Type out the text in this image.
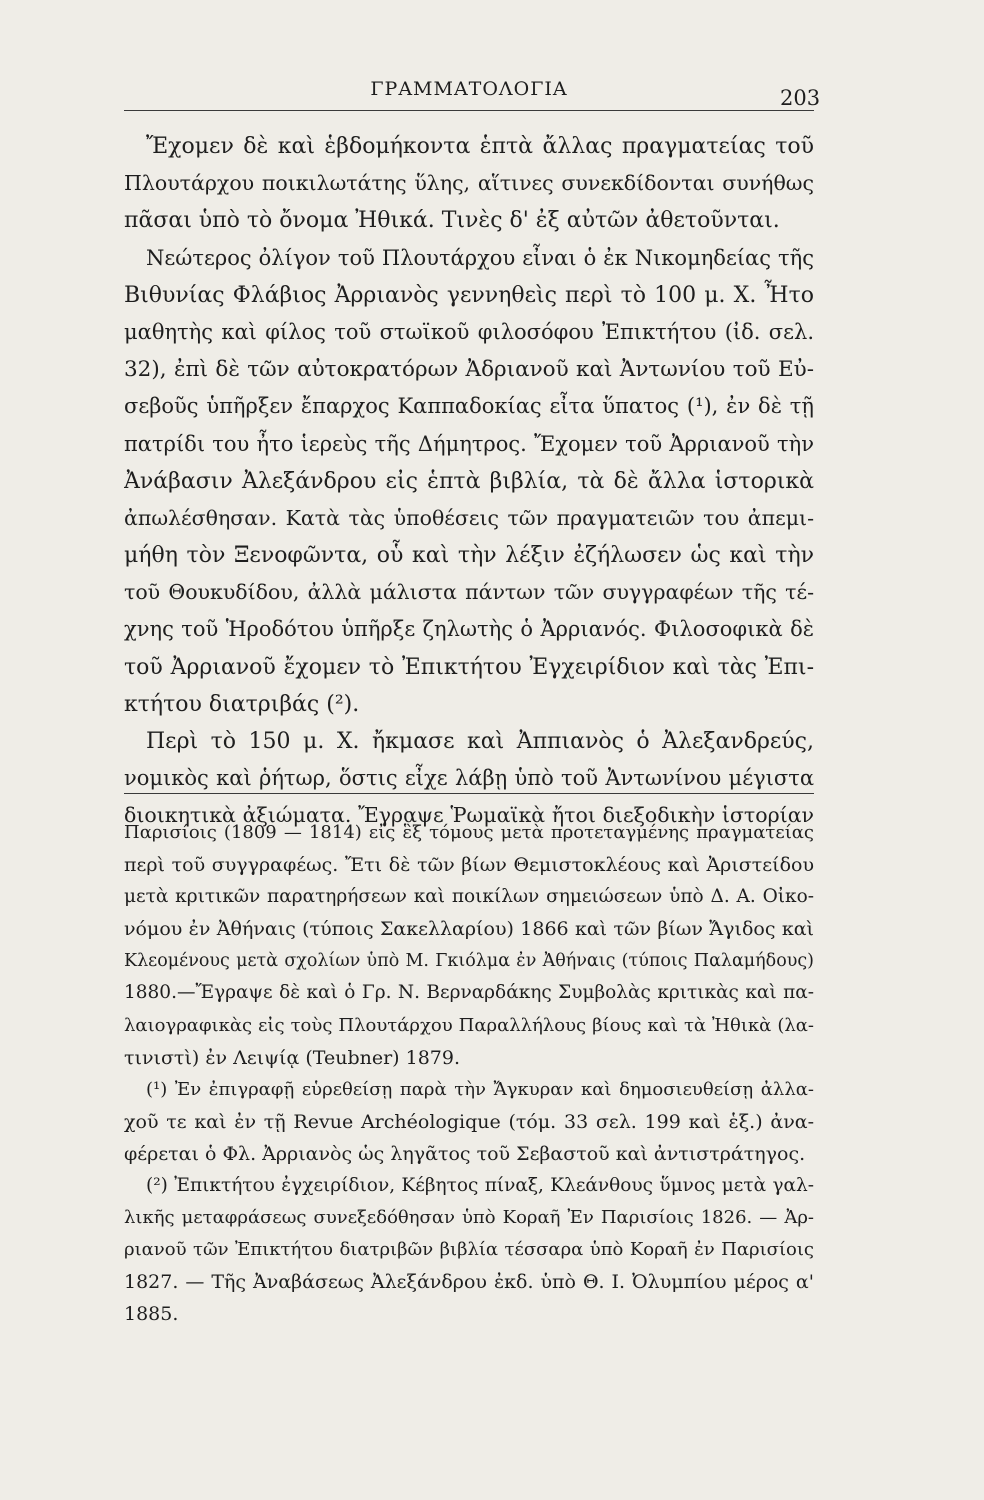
ΓΡΑΜΜΑΤΟΛΟΓΙΑ	203
Ἔχομεν δὲ καὶ ἑβδομήκοντα ἑπτὰ ἄλλας πραγματείας τοῦ
Πλουτάρχου ποικιλωτάτης ὕλης, αἵτινες συνεκδίδονται συνήθως
πᾶσαι ὑπὸ τὸ ὄνομα Ἠθικά. Τινὲς δ' ἐξ αὐτῶν ἀθετοῦνται.
Νεώτερος ὀλίγον τοῦ Πλουτάρχου εἶναι ὁ ἐκ Νικομηδείας τῆς
Βιθυνίας Φλάβιος Ἀρριανὸς γεννηθεὶς περὶ τὸ 100 μ. Χ. Ἦτο
μαθητὴς καὶ φίλος τοῦ στωϊκοῦ φιλοσόφου Ἐπικτήτου (ἰδ. σελ.
32), ἐπὶ δὲ τῶν αὐτοκρατόρων Ἀδριανοῦ καὶ Ἀντωνίου τοῦ Εὐ-
σεβοῦς ὑπῆρξεν ἔπαρχος Καππαδοκίας εἶτα ὕπατος (¹), ἐν δὲ τῇ
πατρίδι του ἦτο ἱερεὺς τῆς Δήμητρος. Ἔχομεν τοῦ Ἀρριανοῦ τὴν
Ἀνάβασιν Ἀλεξάνδρου εἰς ἑπτὰ βιβλία, τὰ δὲ ἄλλα ἱστορικὰ
ἀπωλέσθησαν. Κατὰ τὰς ὑποθέσεις τῶν πραγματειῶν του ἀπεμι-
μήθη τὸν Ξενοφῶντα, οὗ καὶ τὴν λέξιν ἐζήλωσεν ὡς καὶ τὴν
τοῦ Θουκυδίδου, ἀλλὰ μάλιστα πάντων τῶν συγγραφέων τῆς τέ-
χνης τοῦ Ἡροδότου ὑπῆρξε ζηλωτὴς ὁ Ἀρριανός. Φιλοσοφικὰ δὲ
τοῦ Ἀρριανοῦ ἔχομεν τὸ Ἐπικτήτου Ἐγχειρίδιον καὶ τὰς Ἐπι-
κτήτου διατριβάς (²).
Περὶ τὸ 150 μ. Χ. ἤκμασε καὶ Ἀππιανὸς ὁ Ἀλεξανδρεύς,
νομικὸς καὶ ῥήτωρ, ὅστις εἶχε λάβῃ ὑπὸ τοῦ Ἀντωνίνου μέγιστα
διοικητικὰ ἀξιώματα. Ἔγραψε Ῥωμαϊκὰ ἤτοι διεξοδικὴν ἱστορίαν
Παρισίοις (1809 — 1814) εἰς ἓξ τόμους μετὰ προτεταγμένης πραγματείας
περὶ τοῦ συγγραφέως. Ἔτι δὲ τῶν βίων Θεμιστοκλέους καὶ Ἀριστείδου
μετὰ κριτικῶν παρατηρήσεων καὶ ποικίλων σημειώσεων ὑπὸ Δ. Α. Οἰκο-
νόμου ἐν Ἀθήναις (τύποις Σακελλαρίου) 1866 καὶ τῶν βίων Ἄγιδος καὶ
Κλεομένους μετὰ σχολίων ὑπὸ Μ. Γκιόλμα ἐν Ἀθήναις (τύποις Παλαμήδους)
1880.—Ἔγραψε δὲ καὶ ὁ Γρ. Ν. Βερναρδάκης Συμβολὰς κριτικὰς καὶ πα-
λαιογραφικὰς εἰς τοὺς Πλουτάρχου Παραλλήλους βίους καὶ τὰ Ἠθικὰ (λα-
τινιστὶ) ἐν Λειψίᾳ (Teubner) 1879.
(¹) Ἐν ἐπιγραφῇ εὑρεθείσῃ παρὰ τὴν Ἄγκυραν καὶ δημοσιευθείσῃ ἀλλα-
χοῦ τε καὶ ἐν τῇ Revue Archéologique (τόμ. 33 σελ. 199 καὶ ἑξ.) ἀνα-
φέρεται ὁ Φλ. Ἀρριανὸς ὡς ληγᾶτος τοῦ Σεβαστοῦ καὶ ἀντιστράτηγος.
(²) Ἐπικτήτου ἐγχειρίδιον, Κέβητος πίναξ, Κλεάνθους ὕμνος μετὰ γαλ-
λικῆς μεταφράσεως συνεξεδόθησαν ὑπὸ Κοραῆ Ἐν Παρισίοις 1826. — Ἀρ-
ριανοῦ τῶν Ἐπικτήτου διατριβῶν βιβλία τέσσαρα ὑπὸ Κοραῆ ἐν Παρισίοις
1827. — Τῆς Ἀναβάσεως Ἀλεξάνδρου ἐκδ. ὑπὸ Θ. Ι. Ὀλυμπίου μέρος α'
1885.
